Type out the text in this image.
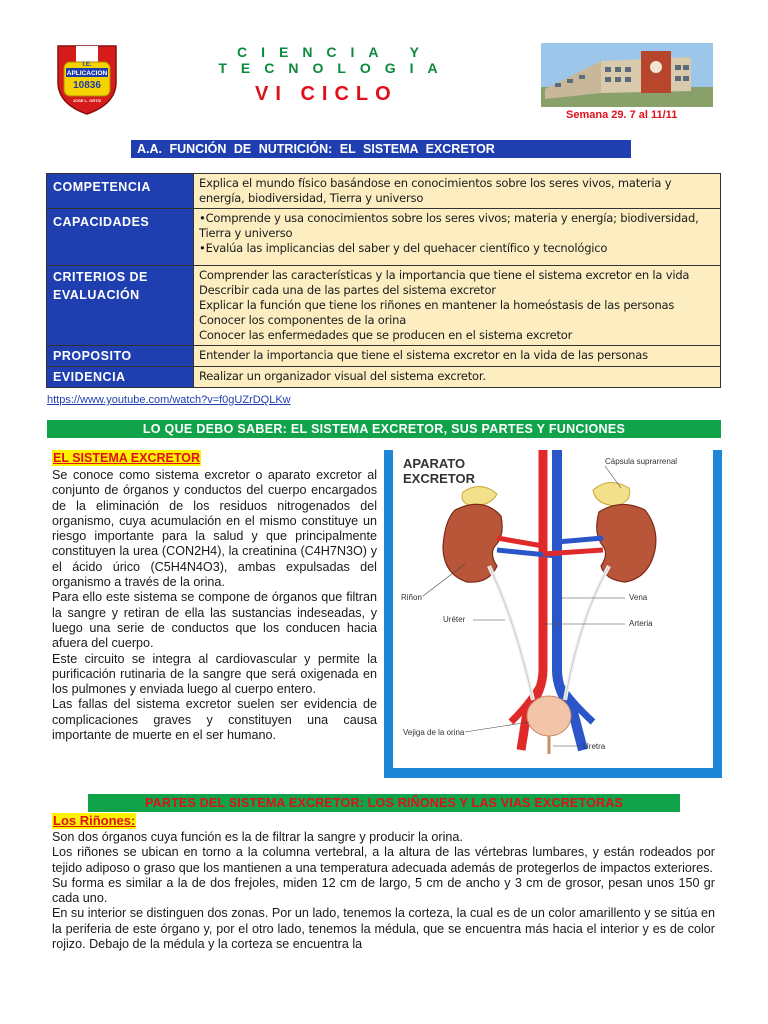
I.E.
APLICACION
10836
JOSE L. ORTIZ
CIENCIA Y TECNOLOGIA
VI CICLO
Semana 29. 7 al 11/11
A.A. FUNCIÓN DE NUTRICIÓN: EL SISTEMA EXCRETOR
COMPETENCIA	Explica el mundo físico basándose en conocimientos sobre los seres vivos, materia y energía, biodiversidad, Tierra y universo

CAPACIDADES	•Comprende y usa conocimientos sobre los seres vivos; materia y energía; biodiversidad, Tierra y universo
•Evalúa las implicancias del saber y del quehacer científico y tecnológico

CRITERIOS DE EVALUACIÓN	Comprender las características y la importancia que tiene el sistema excretor en la vida
Describir cada una de las partes del sistema excretor
Explicar la función que tiene los riñones en mantener la homeóstasis de las personas
Conocer los componentes de la orina
Conocer las enfermedades que se producen en el sistema excretor

PROPOSITO	Entender la importancia que tiene el sistema excretor en la vida de las personas

EVIDENCIA	Realizar un organizador visual del sistema excretor.
https://www.youtube.com/watch?v=f0gUZrDQLKw
LO QUE DEBO SABER: EL SISTEMA EXCRETOR, SUS PARTES Y FUNCIONES
EL SISTEMA EXCRETOR

Se conoce como sistema excretor o aparato excretor al conjunto de órganos y conductos del cuerpo encargados de la eliminación de los residuos nitrogenados del organismo, cuya acumulación en el mismo constituye un riesgo importante para la salud y que principalmente constituyen la urea (CON2H4), la creatinina (C4H7N3O) y el ácido úrico (C5H4N4O3), ambas expulsadas del organismo a través de la orina.

Para ello este sistema se compone de órganos que filtran la sangre y retiran de ella las sustancias indeseadas, y luego una serie de conductos que los conducen hacia afuera del cuerpo.

Este circuito se integra al cardiovascular y permite la purificación rutinaria de la sangre que será oxigenada en los pulmones y enviada luego al cuerpo entero.

Las fallas del sistema excretor suelen ser evidencia de complicaciones graves y constituyen una causa importante de muerte en el ser humano.

APARATO
EXCRETOR
Cápsula suprarrenal
Riñon	Vena
Uréter	Arteria
Vejiga de la orina
Uretra
PARTES DEL SISTEMA EXCRETOR: LOS RIÑONES Y LAS VIAS EXCRETORAS
Los Riñones:

Son dos órganos cuya función es la de filtrar la sangre y producir la orina.

Los riñones se ubican en torno a la columna vertebral, a la altura de las vértebras lumbares, y están rodeados por tejido adiposo o graso que los mantienen a una temperatura adecuada además de protegerlos de impactos exteriores.

Su forma es similar a la de dos frejoles, miden 12 cm de largo, 5 cm de ancho y 3 cm de grosor, pesan unos 150 gr cada uno.

En su interior se distinguen dos zonas. Por un lado, tenemos la corteza, la cual es de un color amarillento y se sitúa en la periferia de este órgano y, por el otro lado, tenemos la médula, que se encuentra más hacia el interior y es de color rojizo. Debajo de la médula y la corteza se encuentra la
